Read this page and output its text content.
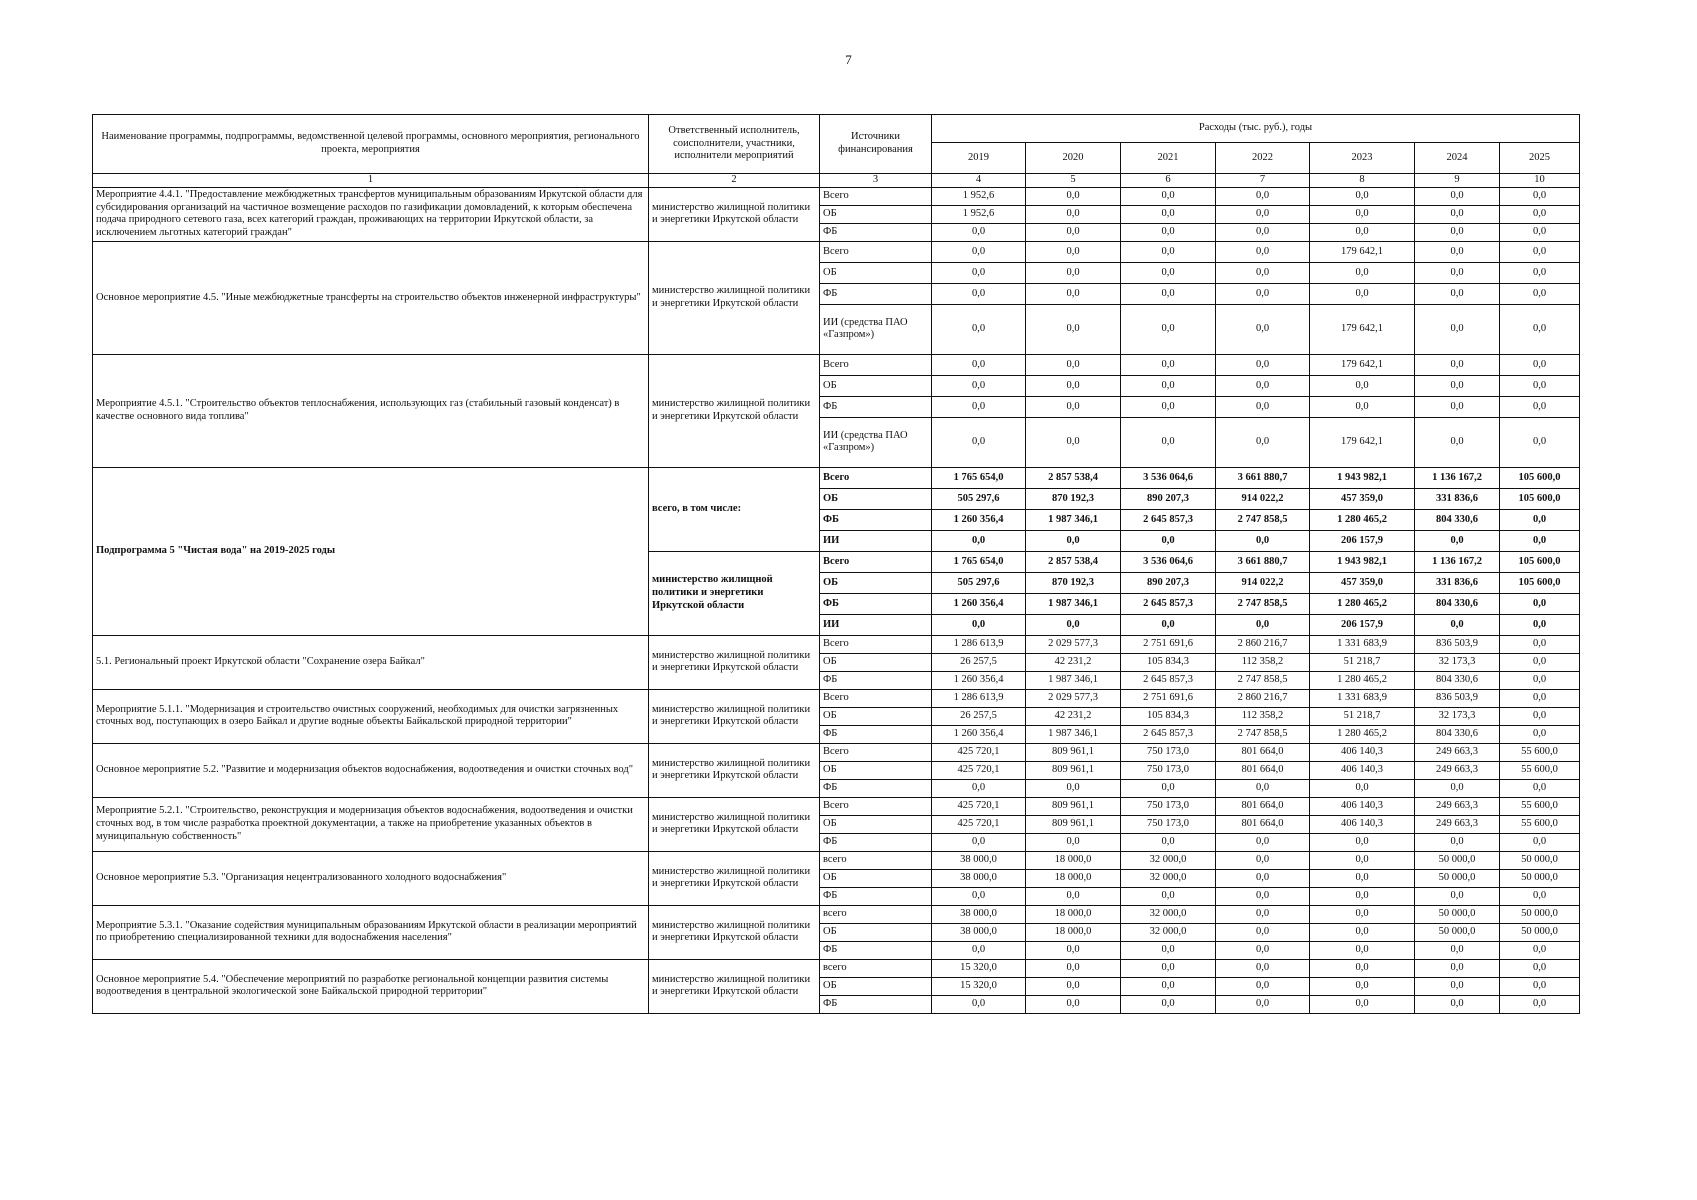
7
Наименование программы, подпрограммы, ведомственной целевой программы, основного мероприятия, регионального проекта, мероприятия	Ответственный исполнитель, соисполнители, участники, исполнители мероприятий	Источники финансирования	Расходы (тыс. руб.), годы						
			2019	2020	2021	2022	2023	2024	2025
1	2	3	4	5	6	7	8	9	10
Мероприятие 4.4.1. "Предоставление межбюджетных трансфертов муниципальным образованиям Иркутской области для субсидирования организаций на частичное возмещение расходов по газификации домовладений, к которым обеспечена подача природного сетевого газа, всех категорий граждан, проживающих на территории Иркутской области, за исключением льготных категорий граждан"	министерство жилищной политики и энергетики Иркутской области	Всего	1 952,6	0,0	0,0	0,0	0,0	0,0	0,0
		ОБ	1 952,6	0,0	0,0	0,0	0,0	0,0	0,0
		ФБ	0,0	0,0	0,0	0,0	0,0	0,0	0,0
Основное мероприятие 4.5. "Иные межбюджетные трансферты на строительство объектов инженерной инфраструктуры"	министерство жилищной политики и энергетики Иркутской области	Всего	0,0	0,0	0,0	0,0	179 642,1	0,0	0,0
		ОБ	0,0	0,0	0,0	0,0	0,0	0,0	0,0
		ФБ	0,0	0,0	0,0	0,0	0,0	0,0	0,0
		ИИ (средства ПАО «Газпром»)	0,0	0,0	0,0	0,0	179 642,1	0,0	0,0
Мероприятие 4.5.1. "Строительство объектов теплоснабжения, использующих газ (стабильный газовый конденсат) в качестве основного вида топлива"	министерство жилищной политики и энергетики Иркутской области	Всего	0,0	0,0	0,0	0,0	179 642,1	0,0	0,0
		ОБ	0,0	0,0	0,0	0,0	0,0	0,0	0,0
		ФБ	0,0	0,0	0,0	0,0	0,0	0,0	0,0
		ИИ (средства ПАО «Газпром»)	0,0	0,0	0,0	0,0	179 642,1	0,0	0,0
Подпрограмма 5 "Чистая вода" на 2019-2025 годы	всего, в том числе:	Всего	1 765 654,0	2 857 538,4	3 536 064,6	3 661 880,7	1 943 982,1	1 136 167,2	105 600,0
		ОБ	505 297,6	870 192,3	890 207,3	914 022,2	457 359,0	331 836,6	105 600,0
		ФБ	1 260 356,4	1 987 346,1	2 645 857,3	2 747 858,5	1 280 465,2	804 330,6	0,0
		ИИ	0,0	0,0	0,0	0,0	206 157,9	0,0	0,0
	министерство жилищной политики и энергетики Иркутской области	Всего	1 765 654,0	2 857 538,4	3 536 064,6	3 661 880,7	1 943 982,1	1 136 167,2	105 600,0
		ОБ	505 297,6	870 192,3	890 207,3	914 022,2	457 359,0	331 836,6	105 600,0
		ФБ	1 260 356,4	1 987 346,1	2 645 857,3	2 747 858,5	1 280 465,2	804 330,6	0,0
		ИИ	0,0	0,0	0,0	0,0	206 157,9	0,0	0,0
5.1. Региональный проект Иркутской области "Сохранение озера Байкал"	министерство жилищной политики и энергетики Иркутской области	Всего	1 286 613,9	2 029 577,3	2 751 691,6	2 860 216,7	1 331 683,9	836 503,9	0,0
		ОБ	26 257,5	42 231,2	105 834,3	112 358,2	51 218,7	32 173,3	0,0
		ФБ	1 260 356,4	1 987 346,1	2 645 857,3	2 747 858,5	1 280 465,2	804 330,6	0,0
Мероприятие 5.1.1. "Модернизация и строительство очистных сооружений, необходимых для очистки загрязненных сточных вод, поступающих в озеро Байкал и другие водные объекты Байкальской природной территории"	министерство жилищной политики и энергетики Иркутской области	Всего	1 286 613,9	2 029 577,3	2 751 691,6	2 860 216,7	1 331 683,9	836 503,9	0,0
		ОБ	26 257,5	42 231,2	105 834,3	112 358,2	51 218,7	32 173,3	0,0
		ФБ	1 260 356,4	1 987 346,1	2 645 857,3	2 747 858,5	1 280 465,2	804 330,6	0,0
Основное мероприятие 5.2. "Развитие и модернизация объектов водоснабжения, водоотведения и очистки сточных вод"	министерство жилищной политики и энергетики Иркутской области	Всего	425 720,1	809 961,1	750 173,0	801 664,0	406 140,3	249 663,3	55 600,0
		ОБ	425 720,1	809 961,1	750 173,0	801 664,0	406 140,3	249 663,3	55 600,0
		ФБ	0,0	0,0	0,0	0,0	0,0	0,0	0,0
Мероприятие 5.2.1. "Строительство, реконструкция и модернизация объектов водоснабжения, водоотведения и очистки сточных вод, в том числе разработка проектной документации, а также на приобретение указанных объектов в муниципальную собственность"	министерство жилищной политики и энергетики Иркутской области	Всего	425 720,1	809 961,1	750 173,0	801 664,0	406 140,3	249 663,3	55 600,0
		ОБ	425 720,1	809 961,1	750 173,0	801 664,0	406 140,3	249 663,3	55 600,0
		ФБ	0,0	0,0	0,0	0,0	0,0	0,0	0,0
Основное мероприятие 5.3. "Организация нецентрализованного холодного водоснабжения"	министерство жилищной политики и энергетики Иркутской области	всего	38 000,0	18 000,0	32 000,0	0,0	0,0	50 000,0	50 000,0
		ОБ	38 000,0	18 000,0	32 000,0	0,0	0,0	50 000,0	50 000,0
		ФБ	0,0	0,0	0,0	0,0	0,0	0,0	0,0
Мероприятие 5.3.1. "Оказание содействия муниципальным образованиям Иркутской области в реализации мероприятий по приобретению специализированной техники для водоснабжения населения"	министерство жилищной политики и энергетики Иркутской области	всего	38 000,0	18 000,0	32 000,0	0,0	0,0	50 000,0	50 000,0
		ОБ	38 000,0	18 000,0	32 000,0	0,0	0,0	50 000,0	50 000,0
		ФБ	0,0	0,0	0,0	0,0	0,0	0,0	0,0
Основное мероприятие 5.4. "Обеспечение мероприятий по разработке региональной концепции развития системы водоотведения в центральной экологической зоне Байкальской природной территории"	министерство жилищной политики и энергетики Иркутской области	всего	15 320,0	0,0	0,0	0,0	0,0	0,0	0,0
		ОБ	15 320,0	0,0	0,0	0,0	0,0	0,0	0,0
		ФБ	0,0	0,0	0,0	0,0	0,0	0,0	0,0
